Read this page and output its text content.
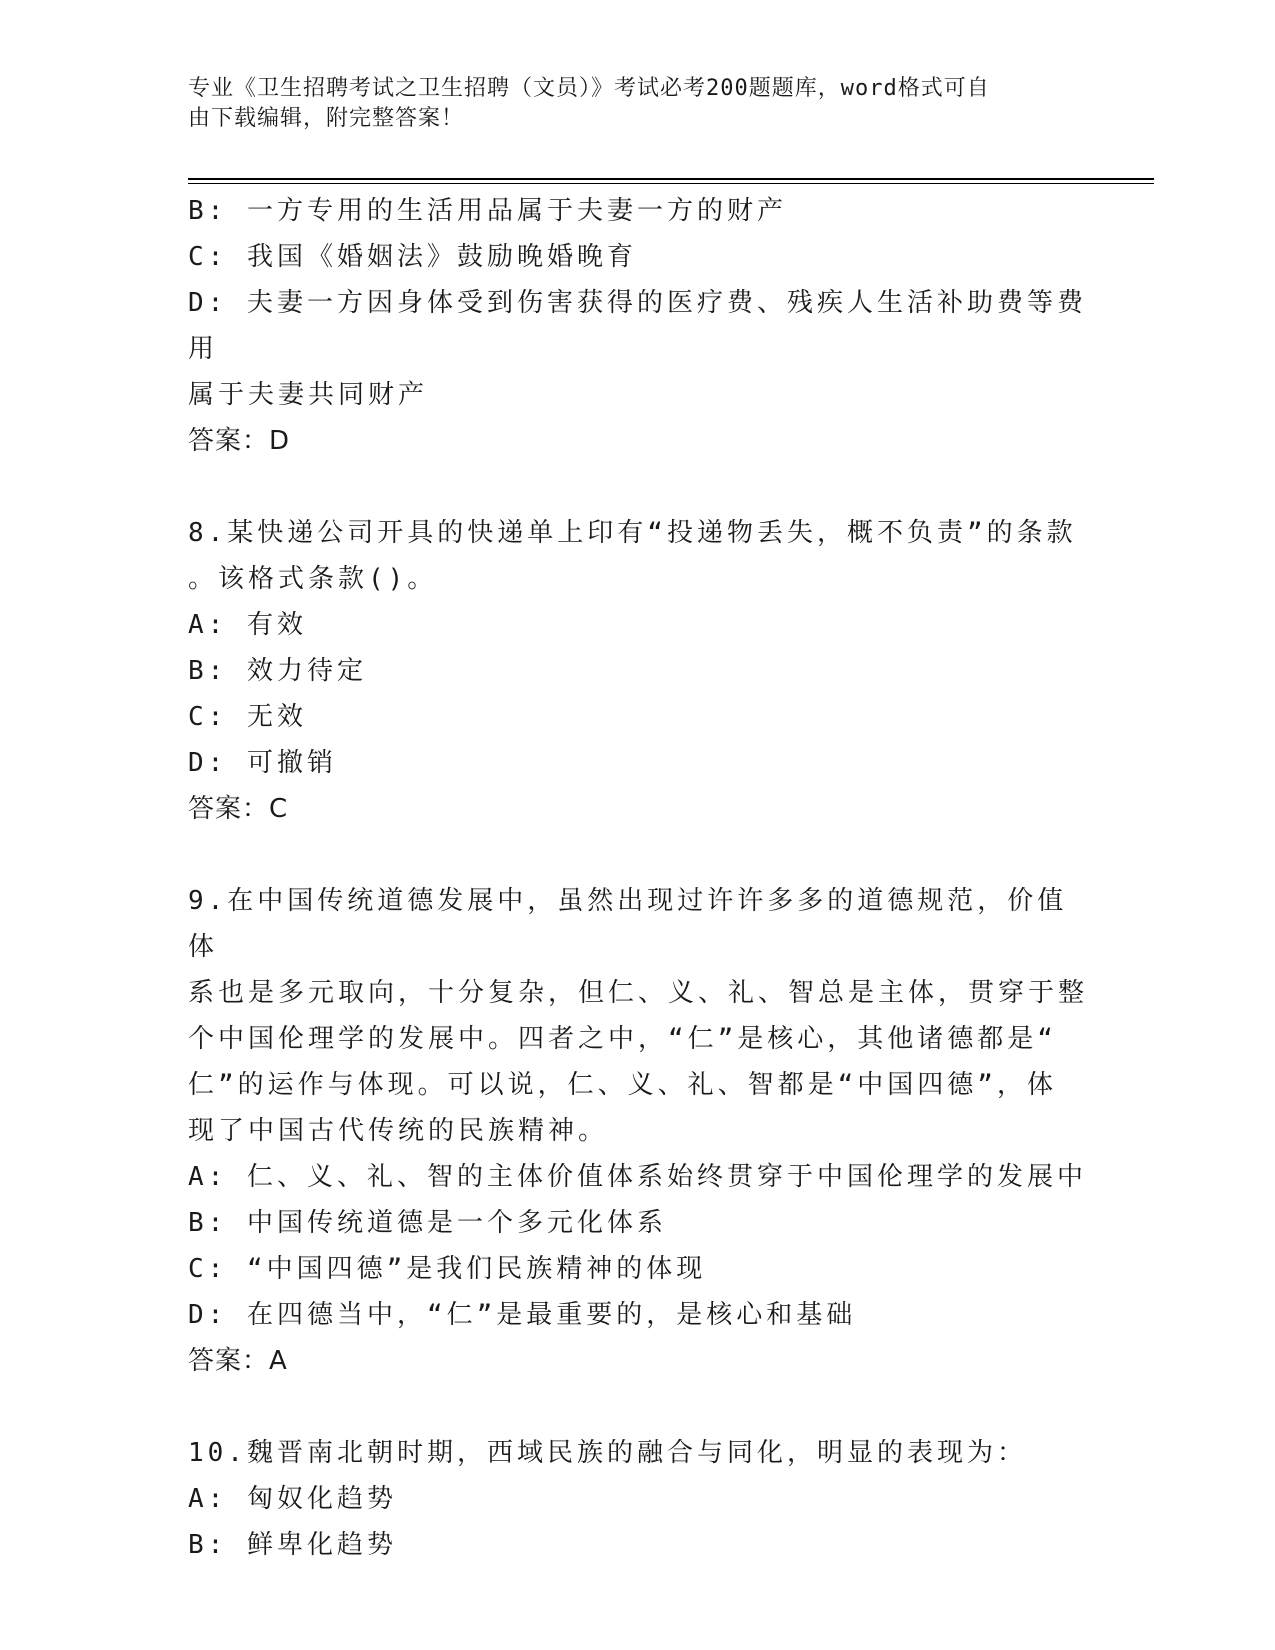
专业《卫生招聘考试之卫生招聘（文员）》考试必考200题题库，word格式可自
由下载编辑，附完整答案！
B: 一方专用的生活用品属于夫妻一方的财产
C: 我国《婚姻法》鼓励晚婚晚育
D: 夫妻一方因身体受到伤害获得的医疗费、残疾人生活补助费等费用
属于夫妻共同财产
答案：D
8.某快递公司开具的快递单上印有“投递物丢失，概不负责”的条款
。该格式条款()。
A: 有效
B: 效力待定
C: 无效
D: 可撤销
答案：C
9.在中国传统道德发展中，虽然出现过许许多多的道德规范，价值体
系也是多元取向，十分复杂，但仁、义、礼、智总是主体，贯穿于整
个中国伦理学的发展中。四者之中，“仁”是核心，其他诸德都是“
仁”的运作与体现。可以说，仁、义、礼、智都是“中国四德”，体
现了中国古代传统的民族精神。
A: 仁、义、礼、智的主体价值体系始终贯穿于中国伦理学的发展中
B: 中国传统道德是一个多元化体系
C: “中国四德”是我们民族精神的体现
D: 在四德当中，“仁”是最重要的，是核心和基础
答案：A
10.魏晋南北朝时期，西域民族的融合与同化，明显的表现为：
A: 匈奴化趋势
B: 鲜卑化趋势
